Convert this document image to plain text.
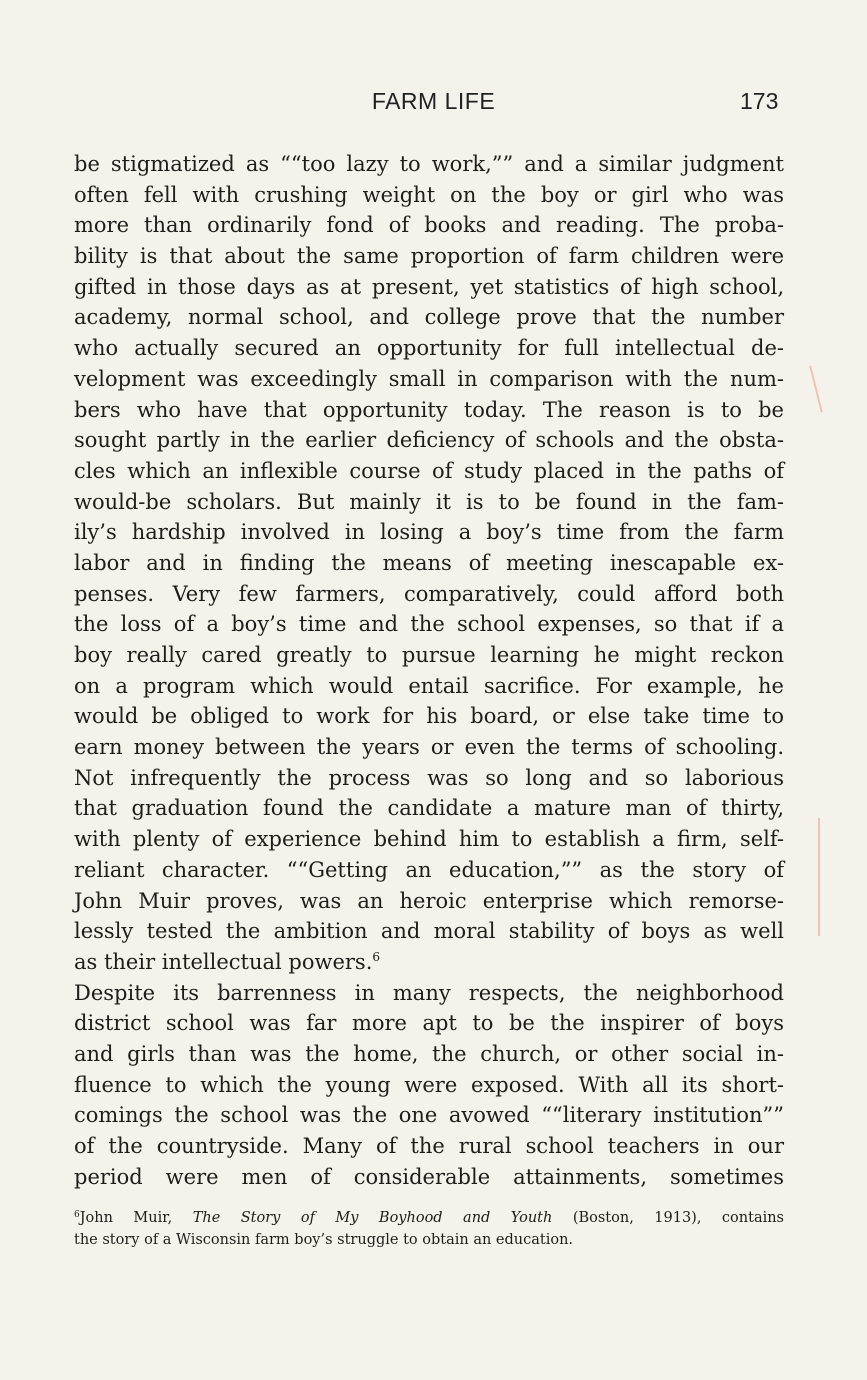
FARM LIFE	173
be stigmatized as ““too lazy to work,”” and a similar judgment
often fell with crushing weight on the boy or girl who was
more than ordinarily fond of books and reading. The proba-
bility is that about the same proportion of farm children were
gifted in those days as at present, yet statistics of high school,
academy, normal school, and college prove that the number
who actually secured an opportunity for full intellectual de-
velopment was exceedingly small in comparison with the num-
bers who have that opportunity today. The reason is to be
sought partly in the earlier deficiency of schools and the obsta-
cles which an inflexible course of study placed in the paths of
would-be scholars. But mainly it is to be found in the fam-
ily’s hardship involved in losing a boy’s time from the farm
labor and in finding the means of meeting inescapable ex-
penses. Very few farmers, comparatively, could afford both
the loss of a boy’s time and the school expenses, so that if a
boy really cared greatly to pursue learning he might reckon
on a program which would entail sacrifice. For example, he
would be obliged to work for his board, or else take time to
earn money between the years or even the terms of schooling.
Not infrequently the process was so long and so laborious
that graduation found the candidate a mature man of thirty,
with plenty of experience behind him to establish a firm, self-
reliant character. ““Getting an education,”” as the story of
John Muir proves, was an heroic enterprise which remorse-
lessly tested the ambition and moral stability of boys as well
as their intellectual powers.$^6$
Despite its barrenness in many respects, the neighborhood
district school was far more apt to be the inspirer of boys
and girls than was the home, the church, or other social in-
fluence to which the young were exposed. With all its short-
comings the school was the one avowed ““literary institution””
of the countryside. Many of the rural school teachers in our
period were men of considerable attainments, sometimes
$^6$John Muir, The Story of My Boyhood and Youth (Boston, 1913), contains
the story of a Wisconsin farm boy’s struggle to obtain an education.
